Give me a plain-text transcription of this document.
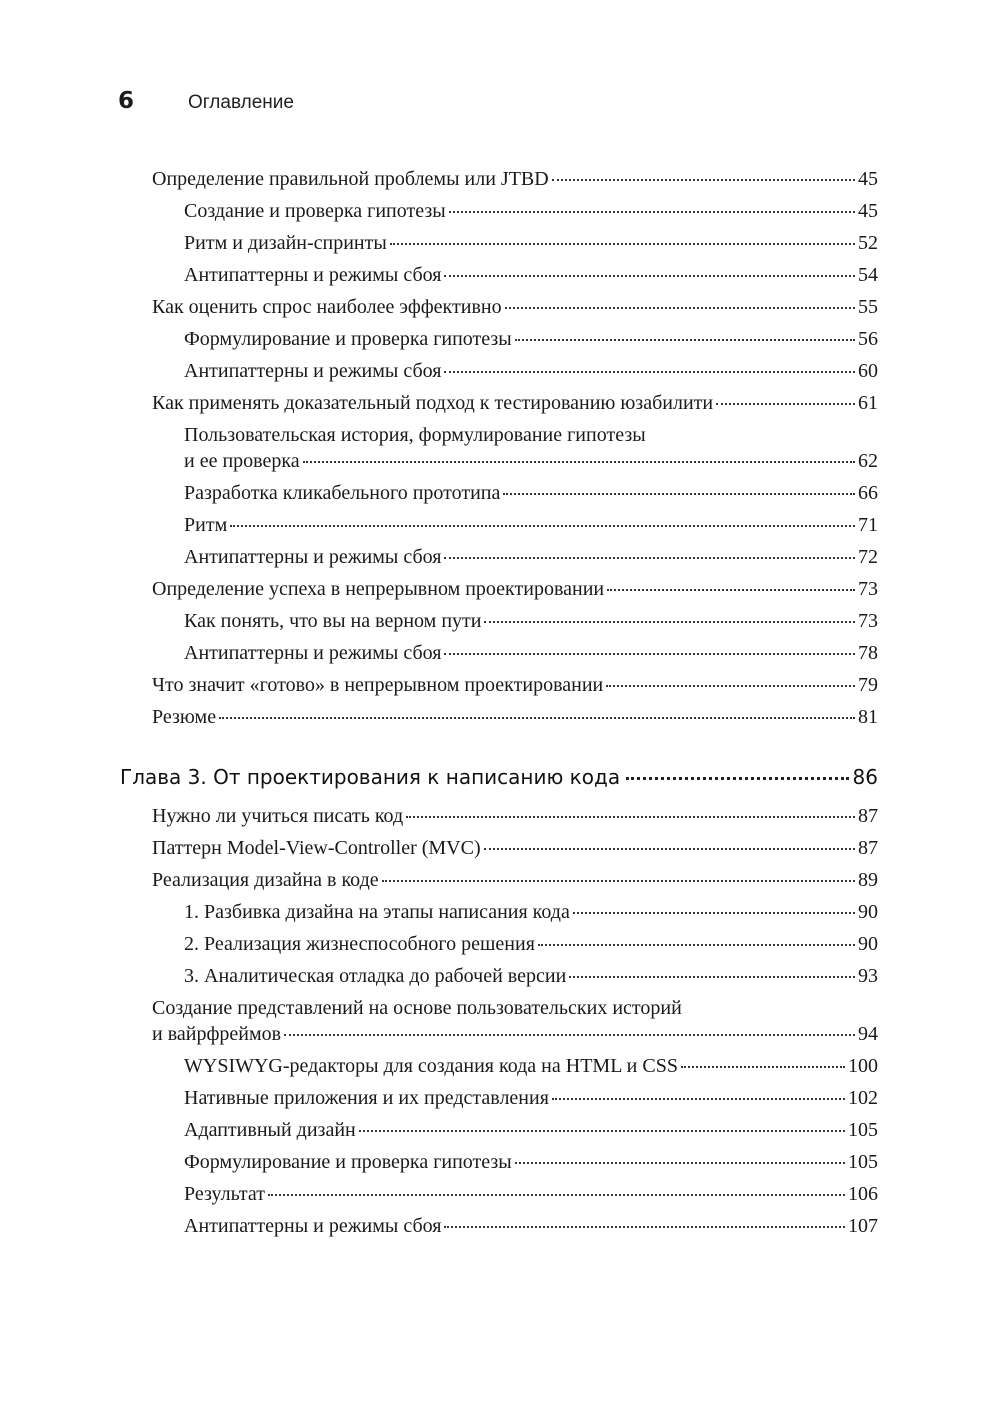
6	Оглавление
Определение правильной проблемы или JTBD	45
Создание и проверка гипотезы	45
Ритм и дизайн-спринты	52
Антипаттерны и режимы сбоя	54
Как оценить спрос наиболее эффективно	55
Формулирование и проверка гипотезы	56
Антипаттерны и режимы сбоя	60
Как применять доказательный подход к тестированию юзабилити	61
Пользовательская история, формулирование гипотезы
и ее проверка	62
Разработка кликабельного прототипа	66
Ритм	71
Антипаттерны и режимы сбоя	72
Определение успеха в непрерывном проектировании	73
Как понять, что вы на верном пути	73
Антипаттерны и режимы сбоя	78
Что значит «готово» в непрерывном проектировании	79
Резюме	81
Глава 3. От проектирования к написанию кода	86
Нужно ли учиться писать код	87
Паттерн Model-View-Controller (MVC)	87
Реализация дизайна в коде	89
1. Разбивка дизайна на этапы написания кода	90
2. Реализация жизнеспособного решения	90
3. Аналитическая отладка до рабочей версии	93
Создание представлений на основе пользовательских историй
и вайрфреймов	94
WYSIWYG-редакторы для создания кода на HTML и CSS	100
Нативные приложения и их представления	102
Адаптивный дизайн	105
Формулирование и проверка гипотезы	105
Результат	106
Антипаттерны и режимы сбоя	107
